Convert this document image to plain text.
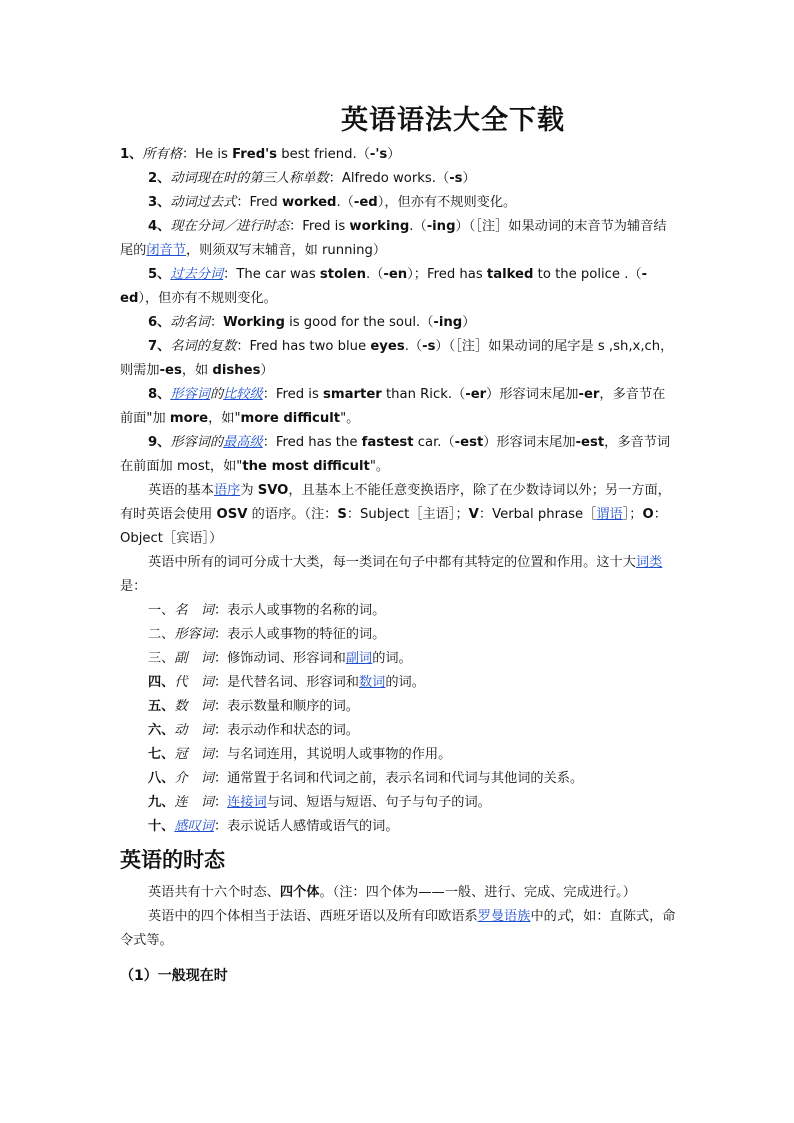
英语语法大全下载

1、所有格：He is Fred's best friend.（-'s）

2、动词现在时的第三人称单数：Alfredo works.（-s）

3、动词过去式：Fred worked.（-ed），但亦有不规则变化。

4、现在分词／进行时态：Fred is working.（-ing）（［注］如果动词的末音节为辅音结尾的闭音节，则须双写末辅音，如 running）

5、过去分词：The car was stolen.（-en）；Fred has talked to the police .（-ed），但亦有不规则变化。

6、动名词：Working is good for the soul.（-ing）

7、名词的复数：Fred has two blue eyes.（-s）（［注］如果动词的尾字是 s ,sh,x,ch，则需加-es，如 dishes）

8、形容词的比较级：Fred is smarter than Rick.（-er）形容词末尾加-er，多音节在前面"加 more，如"more difficult"。

9、形容词的最高级：Fred has the fastest car.（-est）形容词末尾加-est，多音节词在前面加 most，如"the most difficult"。

英语的基本语序为 SVO，且基本上不能任意变换语序，除了在少数诗词以外；另一方面，有时英语会使用 OSV 的语序。（注：S：Subject［主语］；V：Verbal phrase［谓语］；O：Object［宾语］）

英语中所有的词可分成十大类，每一类词在句子中都有其特定的位置和作用。这十大词类是：

一、名　词：表示人或事物的名称的词。
二、形容词：表示人或事物的特征的词。
三、副　词：修饰动词、形容词和副词的词。
四、代　词：是代替名词、形容词和数词的词。
五、数　词：表示数量和顺序的词。
六、动　词：表示动作和状态的词。
七、冠　词：与名词连用，其说明人或事物的作用。
八、介　词：通常置于名词和代词之前，表示名词和代词与其他词的关系。
九、连　词：连接词与词、短语与短语、句子与句子的词。
十、感叹词：表示说话人感情或语气的词。
英语的时态

英语共有十六个时态、四个体。（注：四个体为——一般、进行、完成、完成进行。）

英语中的四个体相当于法语、西班牙语以及所有印欧语系罗曼语族中的式，如：直陈式，命令式等。

（1）一般现在时
